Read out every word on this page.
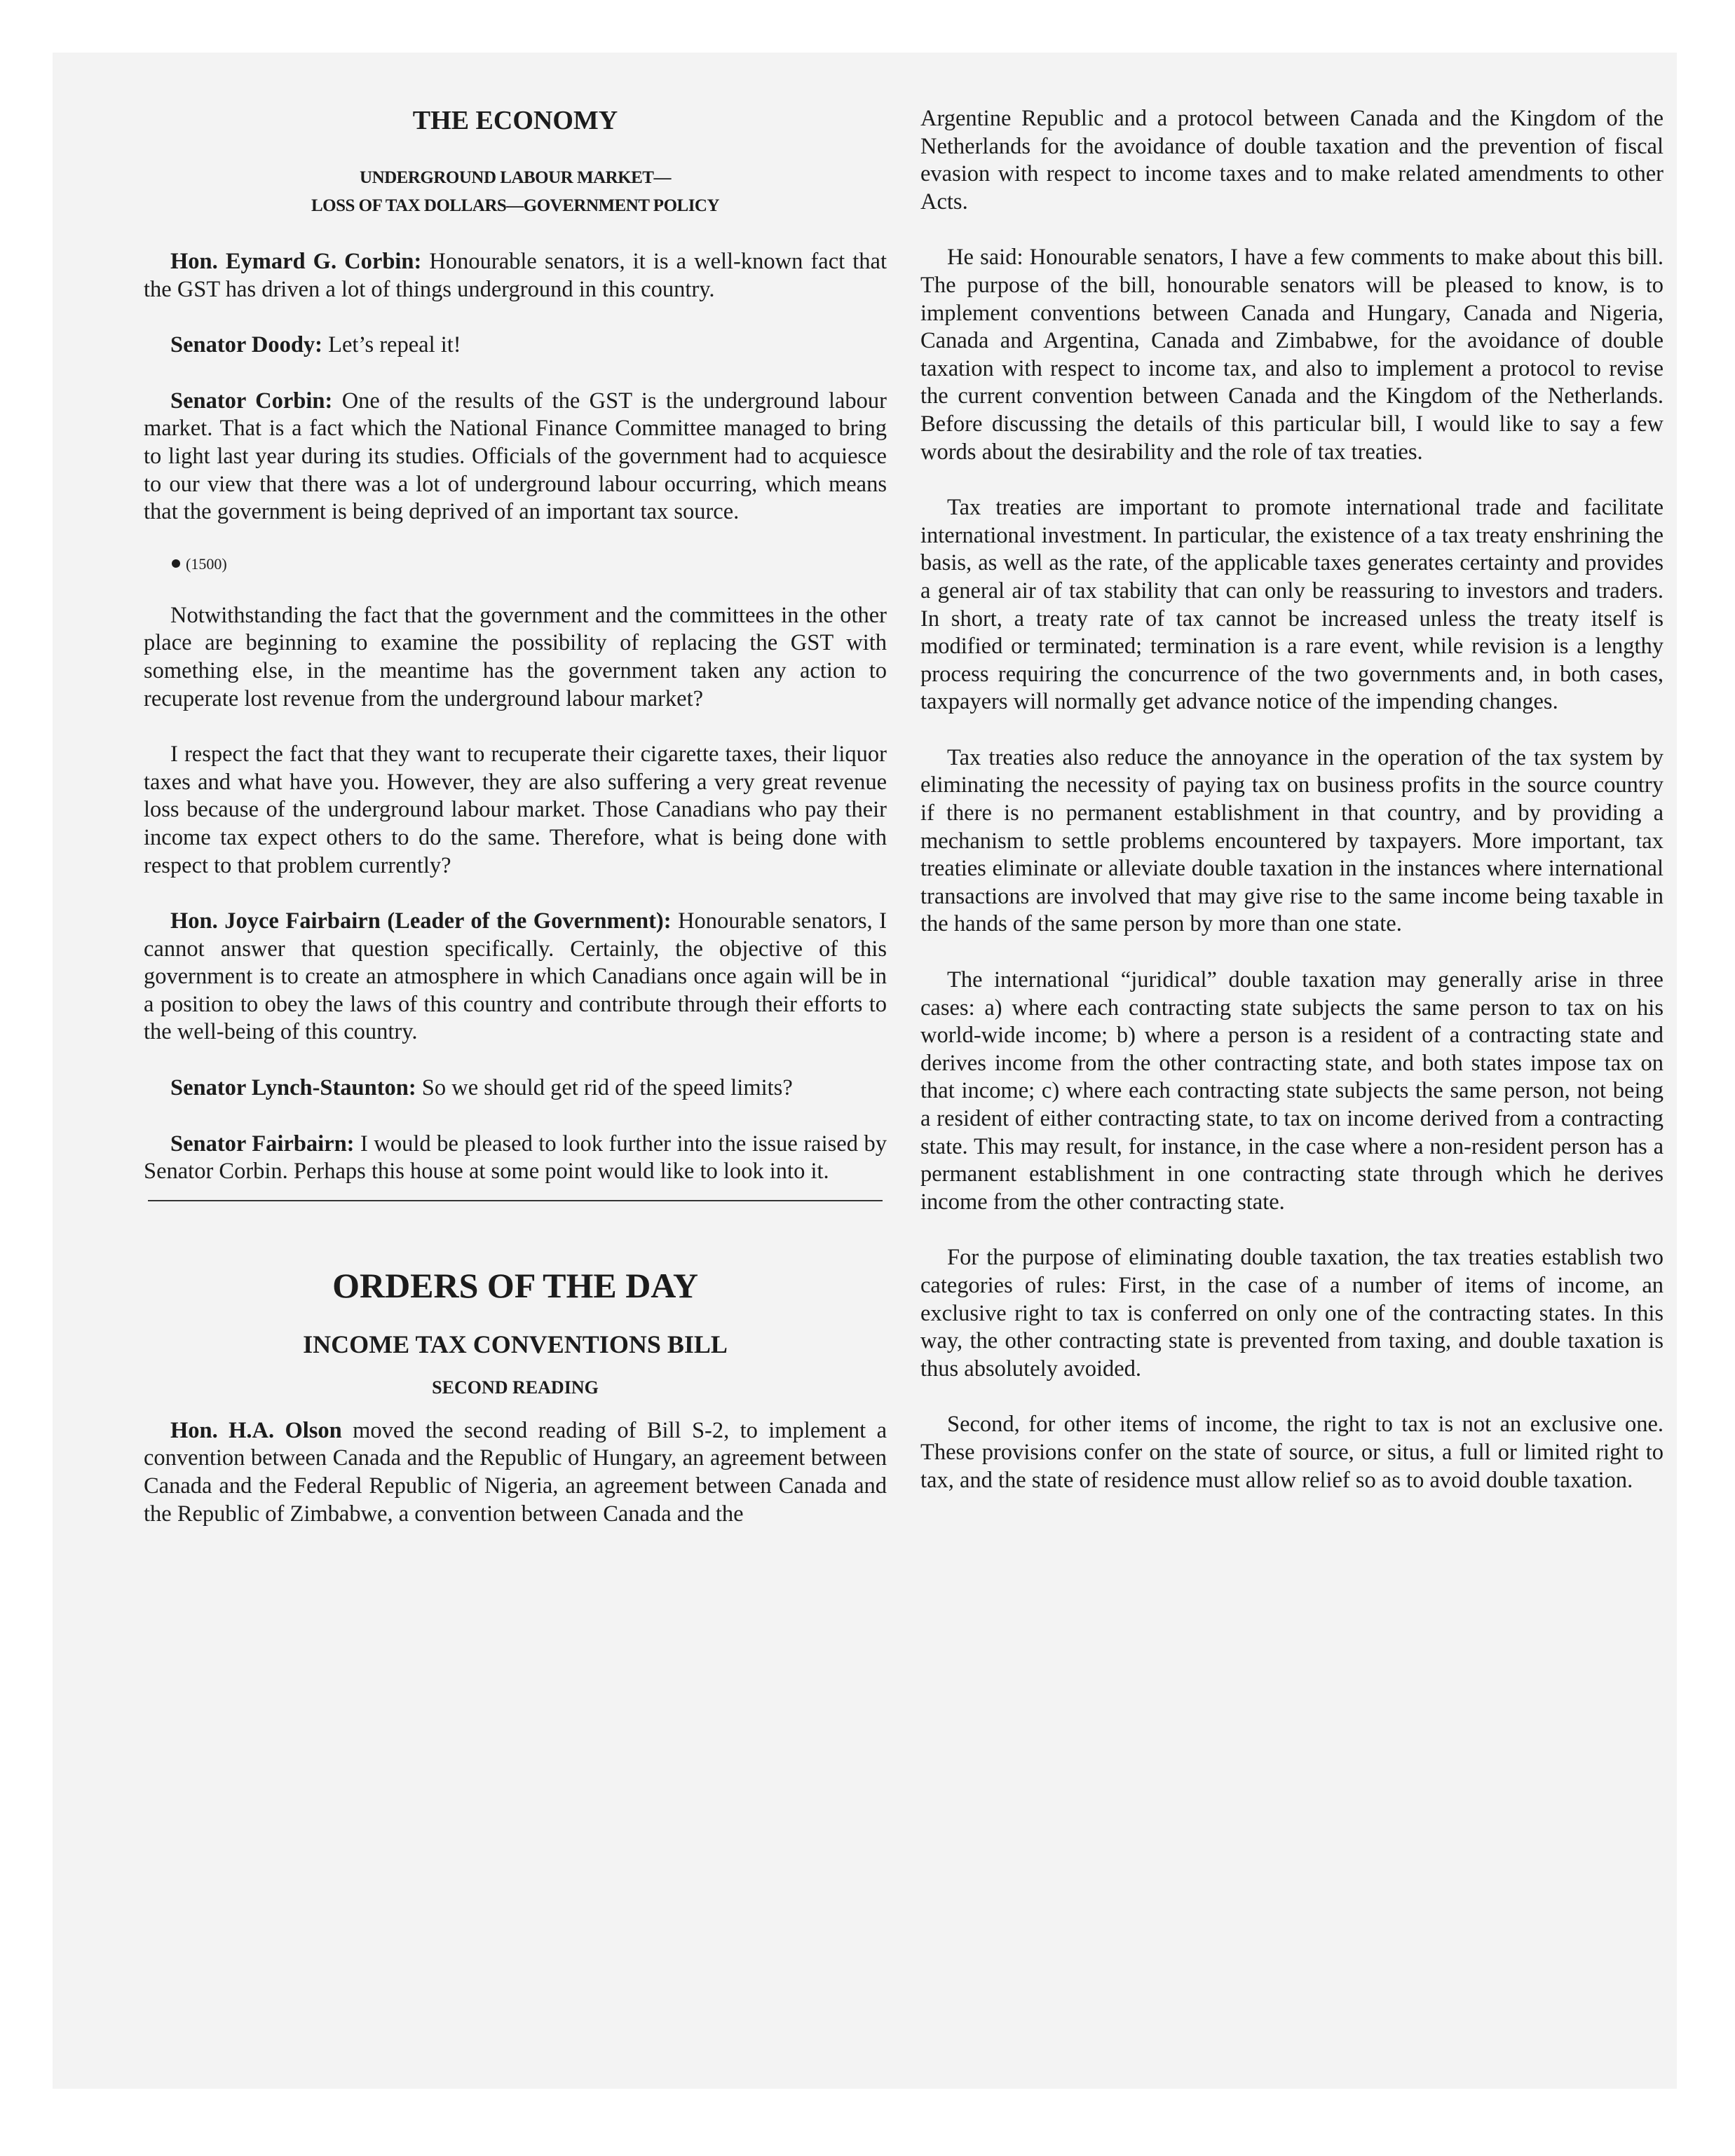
THE ECONOMY
UNDERGROUND LABOUR MARKET—
LOSS OF TAX DOLLARS—GOVERNMENT POLICY

Hon. Eymard G. Corbin: Honourable senators, it is a well-known fact that the GST has driven a lot of things underground in this country.

Senator Doody: Let’s repeal it!

Senator Corbin: One of the results of the GST is the underground labour market. That is a fact which the National Finance Committee managed to bring to light last year during its studies. Officials of the government had to acquiesce to our view that there was a lot of underground labour occurring, which means that the government is being deprived of an important tax source.

(1500)

Notwithstanding the fact that the government and the committees in the other place are beginning to examine the possibility of replacing the GST with something else, in the meantime has the government taken any action to recuperate lost revenue from the underground labour market?

I respect the fact that they want to recuperate their cigarette taxes, their liquor taxes and what have you. However, they are also suffering a very great revenue loss because of the underground labour market. Those Canadians who pay their income tax expect others to do the same. Therefore, what is being done with respect to that problem currently?

Hon. Joyce Fairbairn (Leader of the Government): Honourable senators, I cannot answer that question specifically. Certainly, the objective of this government is to create an atmosphere in which Canadians once again will be in a position to obey the laws of this country and contribute through their efforts to the well-being of this country.

Senator Lynch-Staunton: So we should get rid of the speed limits?

Senator Fairbairn: I would be pleased to look further into the issue raised by Senator Corbin. Perhaps this house at some point would like to look into it.

ORDERS OF THE DAY
INCOME TAX CONVENTIONS BILL
SECOND READING

Hon. H.A. Olson moved the second reading of Bill S-2, to implement a convention between Canada and the Republic of Hungary, an agreement between Canada and the Federal Republic of Nigeria, an agreement between Canada and the Republic of Zimbabwe, a convention between Canada and the

Argentine Republic and a protocol between Canada and the Kingdom of the Netherlands for the avoidance of double taxation and the prevention of fiscal evasion with respect to income taxes and to make related amendments to other Acts.

He said: Honourable senators, I have a few comments to make about this bill. The purpose of the bill, honourable senators will be pleased to know, is to implement conventions between Canada and Hungary, Canada and Nigeria, Canada and Argentina, Canada and Zimbabwe, for the avoidance of double taxation with respect to income tax, and also to implement a protocol to revise the current convention between Canada and the Kingdom of the Netherlands. Before discussing the details of this particular bill, I would like to say a few words about the desirability and the role of tax treaties.

Tax treaties are important to promote international trade and facilitate international investment. In particular, the existence of a tax treaty enshrining the basis, as well as the rate, of the applicable taxes generates certainty and provides a general air of tax stability that can only be reassuring to investors and traders. In short, a treaty rate of tax cannot be increased unless the treaty itself is modified or terminated; termination is a rare event, while revision is a lengthy process requiring the concurrence of the two governments and, in both cases, taxpayers will normally get advance notice of the impending changes.

Tax treaties also reduce the annoyance in the operation of the tax system by eliminating the necessity of paying tax on business profits in the source country if there is no permanent establishment in that country, and by providing a mechanism to settle problems encountered by taxpayers. More important, tax treaties eliminate or alleviate double taxation in the instances where international transactions are involved that may give rise to the same income being taxable in the hands of the same person by more than one state.

The international “juridical” double taxation may generally arise in three cases: a) where each contracting state subjects the same person to tax on his world-wide income; b) where a person is a resident of a contracting state and derives income from the other contracting state, and both states impose tax on that income; c) where each contracting state subjects the same person, not being a resident of either contracting state, to tax on income derived from a contracting state. This may result, for instance, in the case where a non-resident person has a permanent establishment in one contracting state through which he derives income from the other contracting state.

For the purpose of eliminating double taxation, the tax treaties establish two categories of rules: First, in the case of a number of items of income, an exclusive right to tax is conferred on only one of the contracting states. In this way, the other contracting state is prevented from taxing, and double taxation is thus absolutely avoided.

Second, for other items of income, the right to tax is not an exclusive one. These provisions confer on the state of source, or situs, a full or limited right to tax, and the state of residence must allow relief so as to avoid double taxation.
